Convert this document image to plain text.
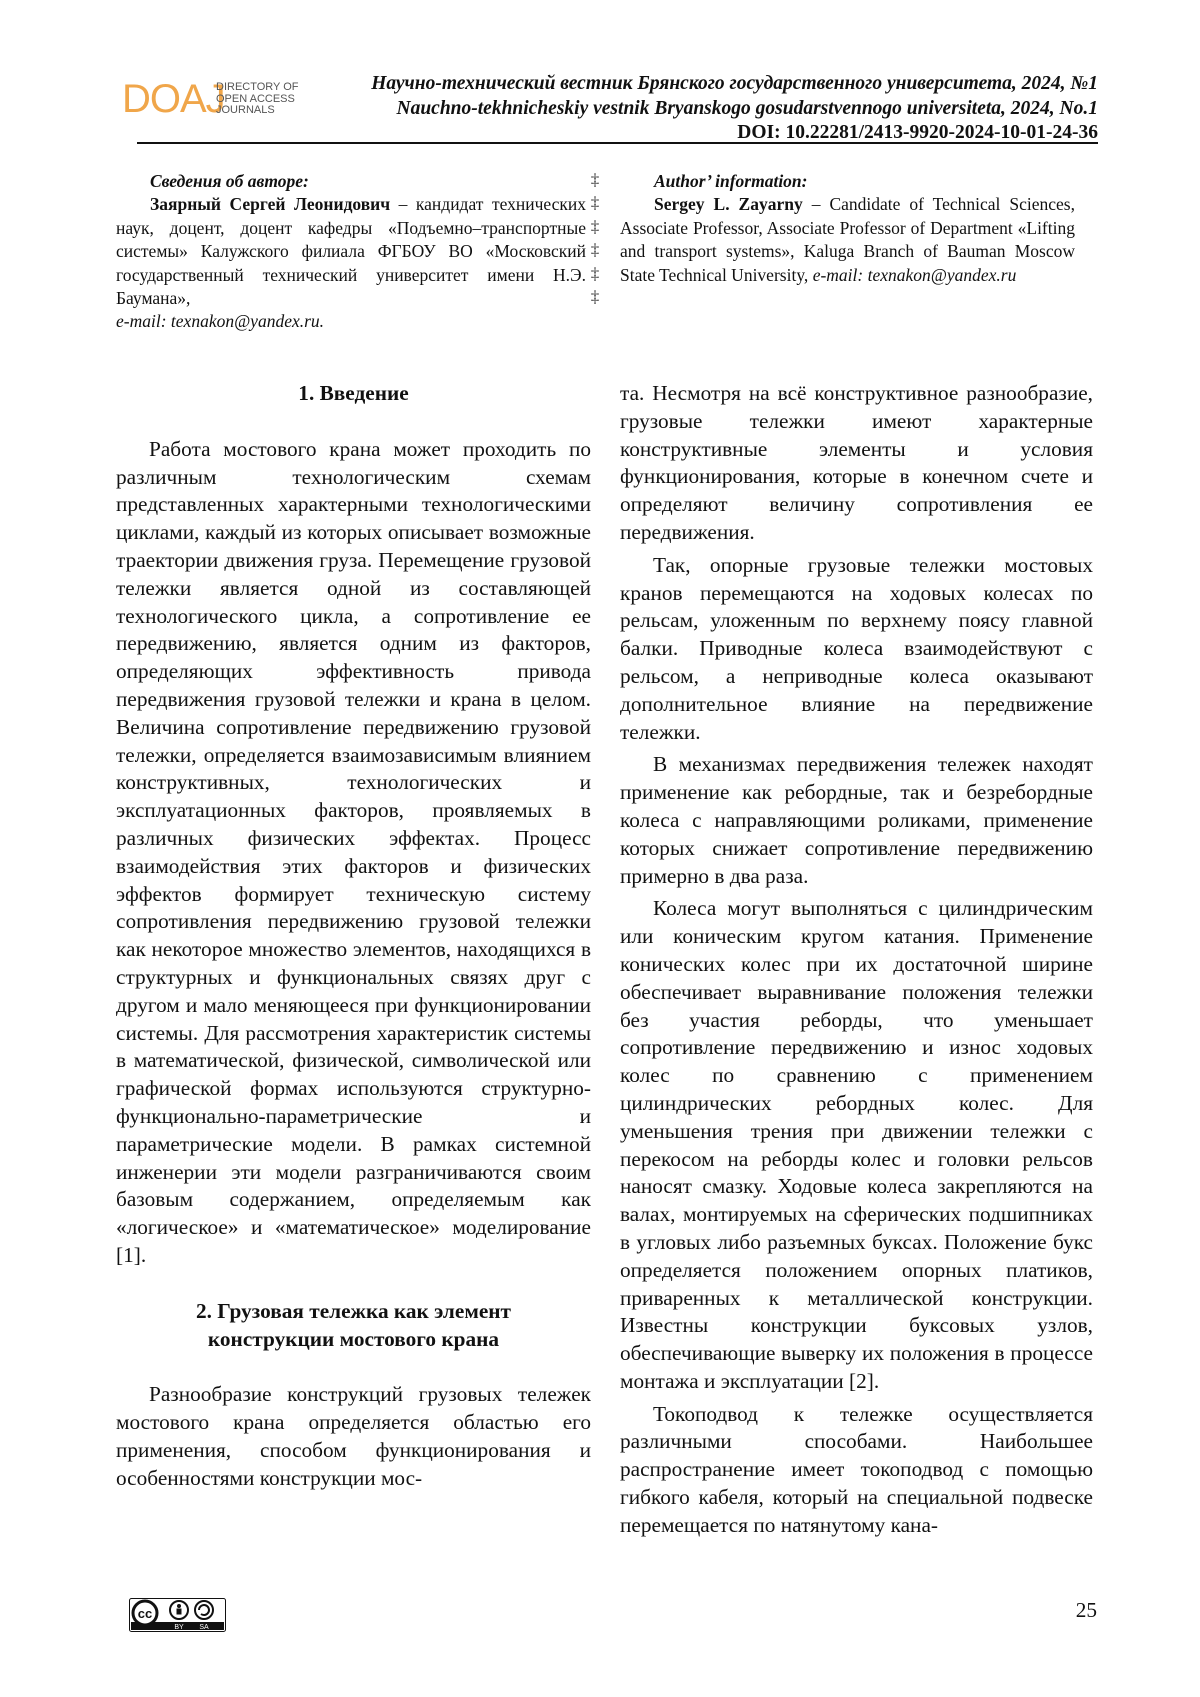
DOAJ
DIRECTORY OF
OPEN ACCESS
JOURNALS
Научно-технический вестник Брянского государственного университета, 2024, №1
Nauchno-tekhnicheskiy vestnik Bryanskogo gosudarstvennogo universiteta, 2024, No.1
DOI: 10.22281/2413-9920-2024-10-01-24-36

Сведения об авторе:

Заярный Сергей Леонидович – кандидат технических наук, доцент, доцент кафедры «Подъемно–транспортные системы» Калужского филиала ФГБОУ ВО «Московский государственный технический университет имени Н.Э. Баумана»,
e-mail: texnakon@yandex.ru.

‡
‡
‡
‡
‡
‡

Author’ information:

Sergey L. Zayarny – Candidate of Technical Sciences, Associate Professor, Associate Professor of Department «Lifting and transport systems», Kaluga Branch of Bauman Moscow State Technical University, e-mail: texnakon@yandex.ru

1. Введение

Работа мостового крана может проходить по различным технологическим схемам представленных характерными технологическими циклами, каждый из которых описывает возможные траектории движения груза. Перемещение грузовой тележки является одной из составляющей технологического цикла, а сопротивление ее передвижению, является одним из факторов, определяющих эффективность привода передвижения грузовой тележки и крана в целом. Величина сопротивление передвижению грузовой тележки, определяется взаимозависимым влиянием конструктивных, технологических и эксплуатационных факторов, проявляемых в различных физических эффектах. Процесс взаимодействия этих факторов и физических эффектов формирует техническую систему сопротивления передвижению грузовой тележки как некоторое множество элементов, находящихся в структурных и функциональных связях друг с другом и мало меняющееся при функционировании системы. Для рассмотрения характеристик системы в математической, физической, символической или графической формах используются структурно-функционально-параметрические и параметрические модели. В рамках системной инженерии эти модели разграничиваются своим базовым содержанием, определяемым как «логическое» и «математическое» моделирование [1].

2. Грузовая тележка как элемент
конструкции мостового крана

Разнообразие конструкций грузовых тележек мостового крана определяется областью его применения, способом функционирования и особенностями конструкции мос-

та. Несмотря на всё конструктивное разнообразие, грузовые тележки имеют характерные конструктивные элементы и условия функционирования, которые в конечном счете и определяют величину сопротивления ее передвижения.

Так, опорные грузовые тележки мостовых кранов перемещаются на ходовых колесах по рельсам, уложенным по верхнему поясу главной балки. Приводные колеса взаимодействуют с рельсом, а неприводные колеса оказывают дополнительное влияние на передвижение тележки.

В механизмах передвижения тележек находят применение как ребордные, так и безребордные колеса с направляющими роликами, применение которых снижает сопротивление передвижению примерно в два раза.

Колеса могут выполняться с цилиндрическим или коническим кругом катания. Применение конических колес при их достаточной ширине обеспечивает выравнивание положения тележки без участия реборды, что уменьшает сопротивление передвижению и износ ходовых колес по сравнению с применением цилиндрических ребордных колес. Для уменьшения трения при движении тележки с перекосом на реборды колес и головки рельсов наносят смазку. Ходовые колеса закрепляются на валах, монтируемых на сферических подшипниках в угловых либо разъемных буксах. Положение букс определяется положением опорных платиков, приваренных к металлической конструкции. Известны конструкции буксовых узлов, обеспечивающие выверку их положения в процессе монтажа и эксплуатации [2].

Токоподвод к тележке осуществляется различными способами. Наибольшее распространение имеет токоподвод с помощью гибкого кабеля, который на специальной подвеске перемещается по натянутому кана-

cc
BY SA
25
